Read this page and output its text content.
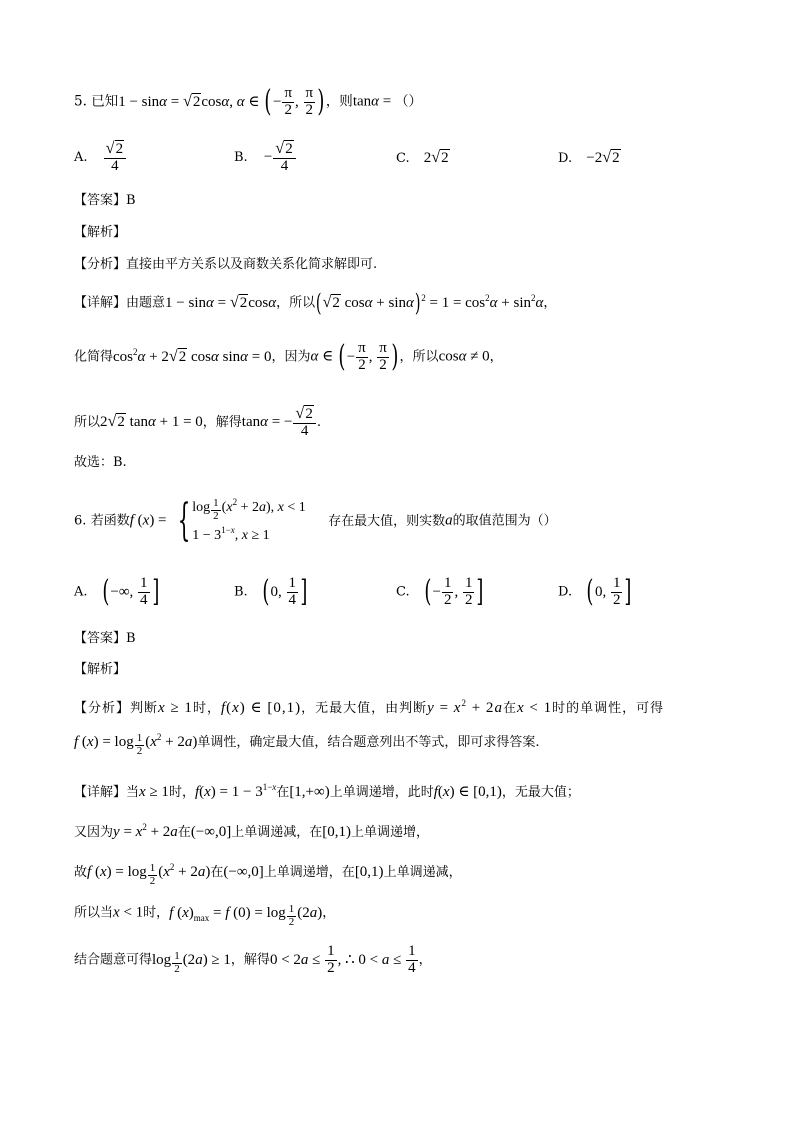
5. 已知1 − sinα = √2cosα, α ∈ (− $\frac{\pi}{2}$ , $\frac{\pi}{2}$ )，则tanα = （）
A. $\frac{√2}{4}$	B. − $\frac{√2}{4}$	C. 2√2	D. −2√2
【答案】B
【解析】
【分析】直接由平方关系以及商数关系化简求解即可.
【详解】由题意1 − sinα = √2cosα，所以(√2 $\cos\alpha + \sin\alpha)^2 = 1 = \cos^2\alpha + \sin^2\alpha$，
化简得$\cos^2\alpha + 2√2$ cosα sinα = 0，因为α ∈ (− $\frac{\pi}{2}$ , $\frac{\pi}{2}$ )，所以cosα ≠ 0，
所以2√2 tanα + 1 = 0，解得tanα = − $\frac{√2}{4}$ .
故选：B.
6. 若函数f (x) = { $\log \frac{1}{2} (x^2 + 2a)$, x < 1
$1 - 3^{1-x}$, x ≥ 1
存在最大值，则实数a的取值范围为（）
A. (−∞, $\frac{1}{4}$ ]	B. (0, $\frac{1}{4}$ ]	C. (− $\frac{1}{2}$ , $\frac{1}{2}$ ]	D. (0, $\frac{1}{2}$ ]
【答案】B
【解析】
【分析】判断x ≥ 1时，f(x) ∈ [0,1)，无最大值，由判断$y = x^2 + 2a$在x < 1时的单调性，可得
f $(x) = \log \frac{1}{2} (x^2 + 2a)$单调性，确定最大值，结合题意列出不等式，即可求得答案.
【详解】当x ≥ 1时，$f(x) = 1 - 3^{1-x}$在[1,+∞)上单调递增，此时f(x) ∈ [0,1)，无最大值；
又因为$y = x^2 + 2a$在(−∞,0]上单调递减，在[0,1)上单调递增，
故f $(x) = \log \frac{1}{2} (x^2 + 2a)$在(−∞,0]上单调递增，在[0,1)上单调递减，
所以当x < 1时，f $(x)_{max} = f$ $(0) = \log \frac{1}{2} (2a)$，
结合题意可得$\log \frac{1}{2} (2a) \ge 1$，解得$0 < 2a \le \frac{1}{2}$ , ∴ $0 < a \le \frac{1}{4}$ ，
